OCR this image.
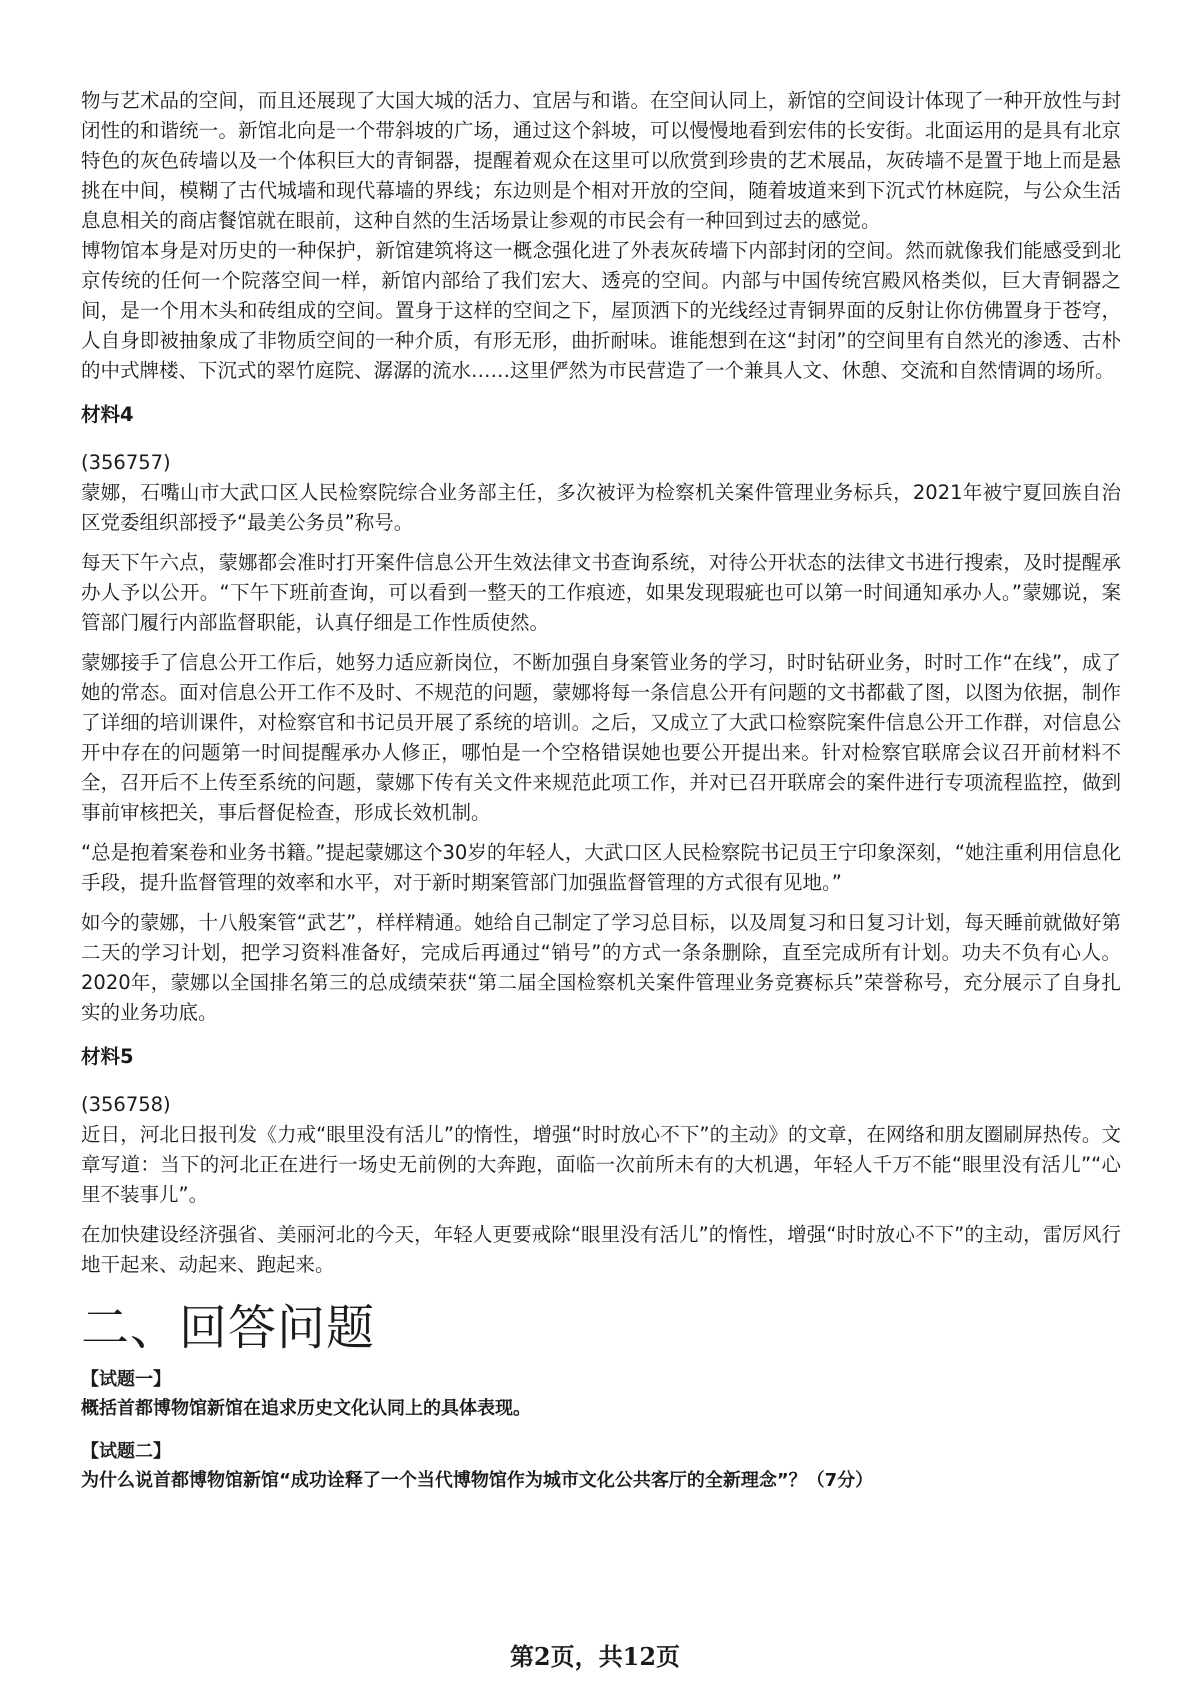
物与艺术品的空间，而且还展现了大国大城的活力、宜居与和谐。在空间认同上，新馆的空间设计体现了一种开放性与封闭性的和谐统一。新馆北向是一个带斜坡的广场，通过这个斜坡，可以慢慢地看到宏伟的长安街。北面运用的是具有北京特色的灰色砖墙以及一个体积巨大的青铜器，提醒着观众在这里可以欣赏到珍贵的艺术展品，灰砖墙不是置于地上而是悬挑在中间，模糊了古代城墙和现代幕墙的界线；东边则是个相对开放的空间，随着坡道来到下沉式竹林庭院，与公众生活息息相关的商店餐馆就在眼前，这种自然的生活场景让参观的市民会有一种回到过去的感觉。

博物馆本身是对历史的一种保护，新馆建筑将这一概念强化进了外表灰砖墙下内部封闭的空间。然而就像我们能感受到北京传统的任何一个院落空间一样，新馆内部给了我们宏大、透亮的空间。内部与中国传统宫殿风格类似，巨大青铜器之间，是一个用木头和砖组成的空间。置身于这样的空间之下，屋顶洒下的光线经过青铜界面的反射让你仿佛置身于苍穹，人自身即被抽象成了非物质空间的一种介质，有形无形，曲折耐味。谁能想到在这“封闭”的空间里有自然光的渗透、古朴的中式牌楼、下沉式的翠竹庭院、潺潺的流水……这里俨然为市民营造了一个兼具人文、休憩、交流和自然情调的场所。

材料4
(356757)

蒙娜，石嘴山市大武口区人民检察院综合业务部主任，多次被评为检察机关案件管理业务标兵，2021年被宁夏回族自治区党委组织部授予“最美公务员”称号。

每天下午六点，蒙娜都会准时打开案件信息公开生效法律文书查询系统，对待公开状态的法律文书进行搜索，及时提醒承办人予以公开。“下午下班前查询，可以看到一整天的工作痕迹，如果发现瑕疵也可以第一时间通知承办人。”蒙娜说，案管部门履行内部监督职能，认真仔细是工作性质使然。

蒙娜接手了信息公开工作后，她努力适应新岗位，不断加强自身案管业务的学习，时时钻研业务，时时工作“在线”，成了她的常态。面对信息公开工作不及时、不规范的问题，蒙娜将每一条信息公开有问题的文书都截了图，以图为依据，制作了详细的培训课件，对检察官和书记员开展了系统的培训。之后，又成立了大武口检察院案件信息公开工作群，对信息公开中存在的问题第一时间提醒承办人修正，哪怕是一个空格错误她也要公开提出来。针对检察官联席会议召开前材料不全，召开后不上传至系统的问题，蒙娜下传有关文件来规范此项工作，并对已召开联席会的案件进行专项流程监控，做到事前审核把关，事后督促检查，形成长效机制。

“总是抱着案卷和业务书籍。”提起蒙娜这个30岁的年轻人，大武口区人民检察院书记员王宁印象深刻，“她注重利用信息化手段，提升监督管理的效率和水平，对于新时期案管部门加强监督管理的方式很有见地。”

如今的蒙娜，十八般案管“武艺”，样样精通。她给自己制定了学习总目标，以及周复习和日复习计划，每天睡前就做好第二天的学习计划，把学习资料准备好，完成后再通过“销号”的方式一条条删除，直至完成所有计划。功夫不负有心人。2020年，蒙娜以全国排名第三的总成绩荣获“第二届全国检察机关案件管理业务竞赛标兵”荣誉称号，充分展示了自身扎实的业务功底。

材料5
(356758)

近日，河北日报刊发《力戒“眼里没有活儿”的惰性，增强“时时放心不下”的主动》的文章，在网络和朋友圈刷屏热传。文章写道：当下的河北正在进行一场史无前例的大奔跑，面临一次前所未有的大机遇，年轻人千万不能“眼里没有活儿”“心里不装事儿”。

在加快建设经济强省、美丽河北的今天，年轻人更要戒除“眼里没有活儿”的惰性，增强“时时放心不下”的主动，雷厉风行地干起来、动起来、跑起来。

二、回答问题
【试题一】
概括首都博物馆新馆在追求历史文化认同上的具体表现。
【试题二】
为什么说首都博物馆新馆“成功诠释了一个当代博物馆作为城市文化公共客厅的全新理念”？（7分）
第2页，共12页
